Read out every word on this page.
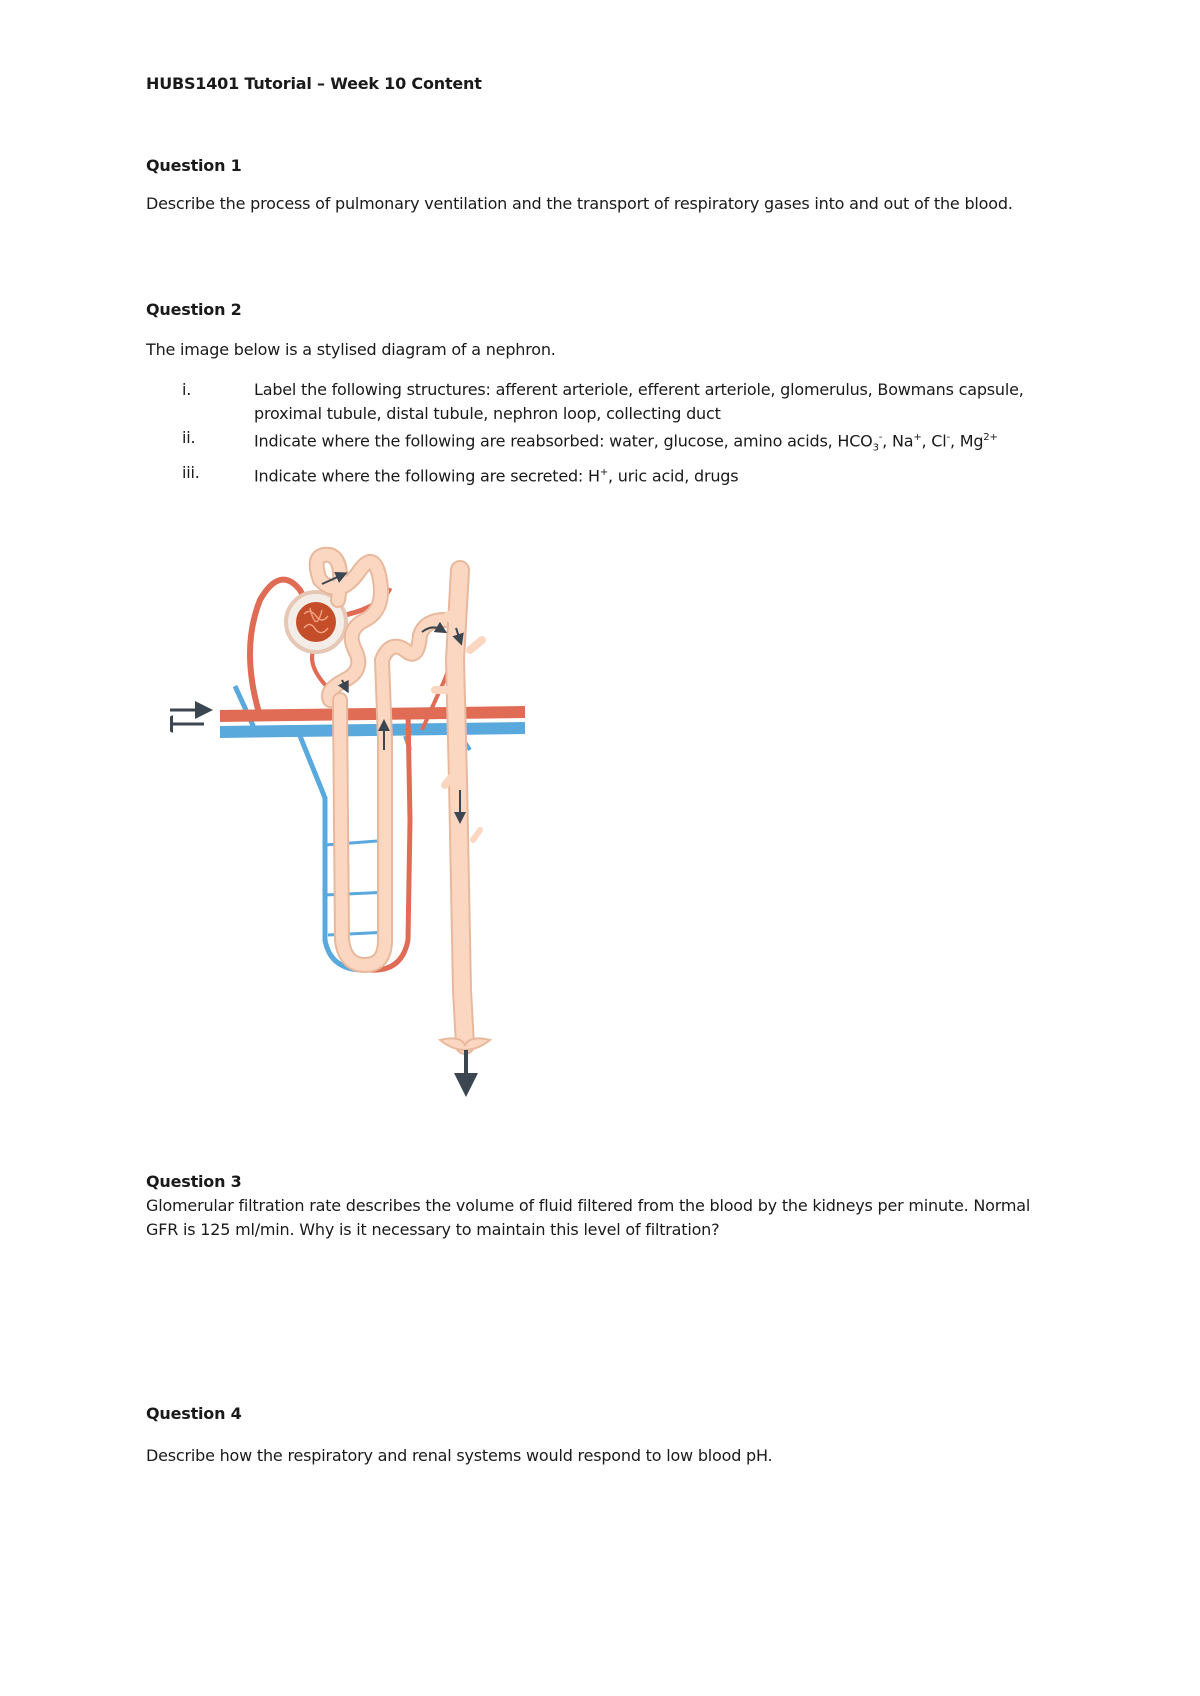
HUBS1401 Tutorial – Week 10 Content
Question 1
Describe the process of pulmonary ventilation and the transport of respiratory gases into and out of the blood.
Question 2
The image below is a stylised diagram of a nephron.
i.	Label the following structures: afferent arteriole, efferent arteriole, glomerulus, Bowmans capsule, proximal tubule, distal tubule, nephron loop, collecting duct
ii.	Indicate where the following are reabsorbed: water, glucose, amino acids, $HCO_3^-$, Na+, Cl-, $Mg^{2+}$
iii.	Indicate where the following are secreted: H+, uric acid, drugs
Question 3
Glomerular filtration rate describes the volume of fluid filtered from the blood by the kidneys per minute. Normal GFR is 125 ml/min. Why is it necessary to maintain this level of filtration?
Question 4
Describe how the respiratory and renal systems would respond to low blood pH.
